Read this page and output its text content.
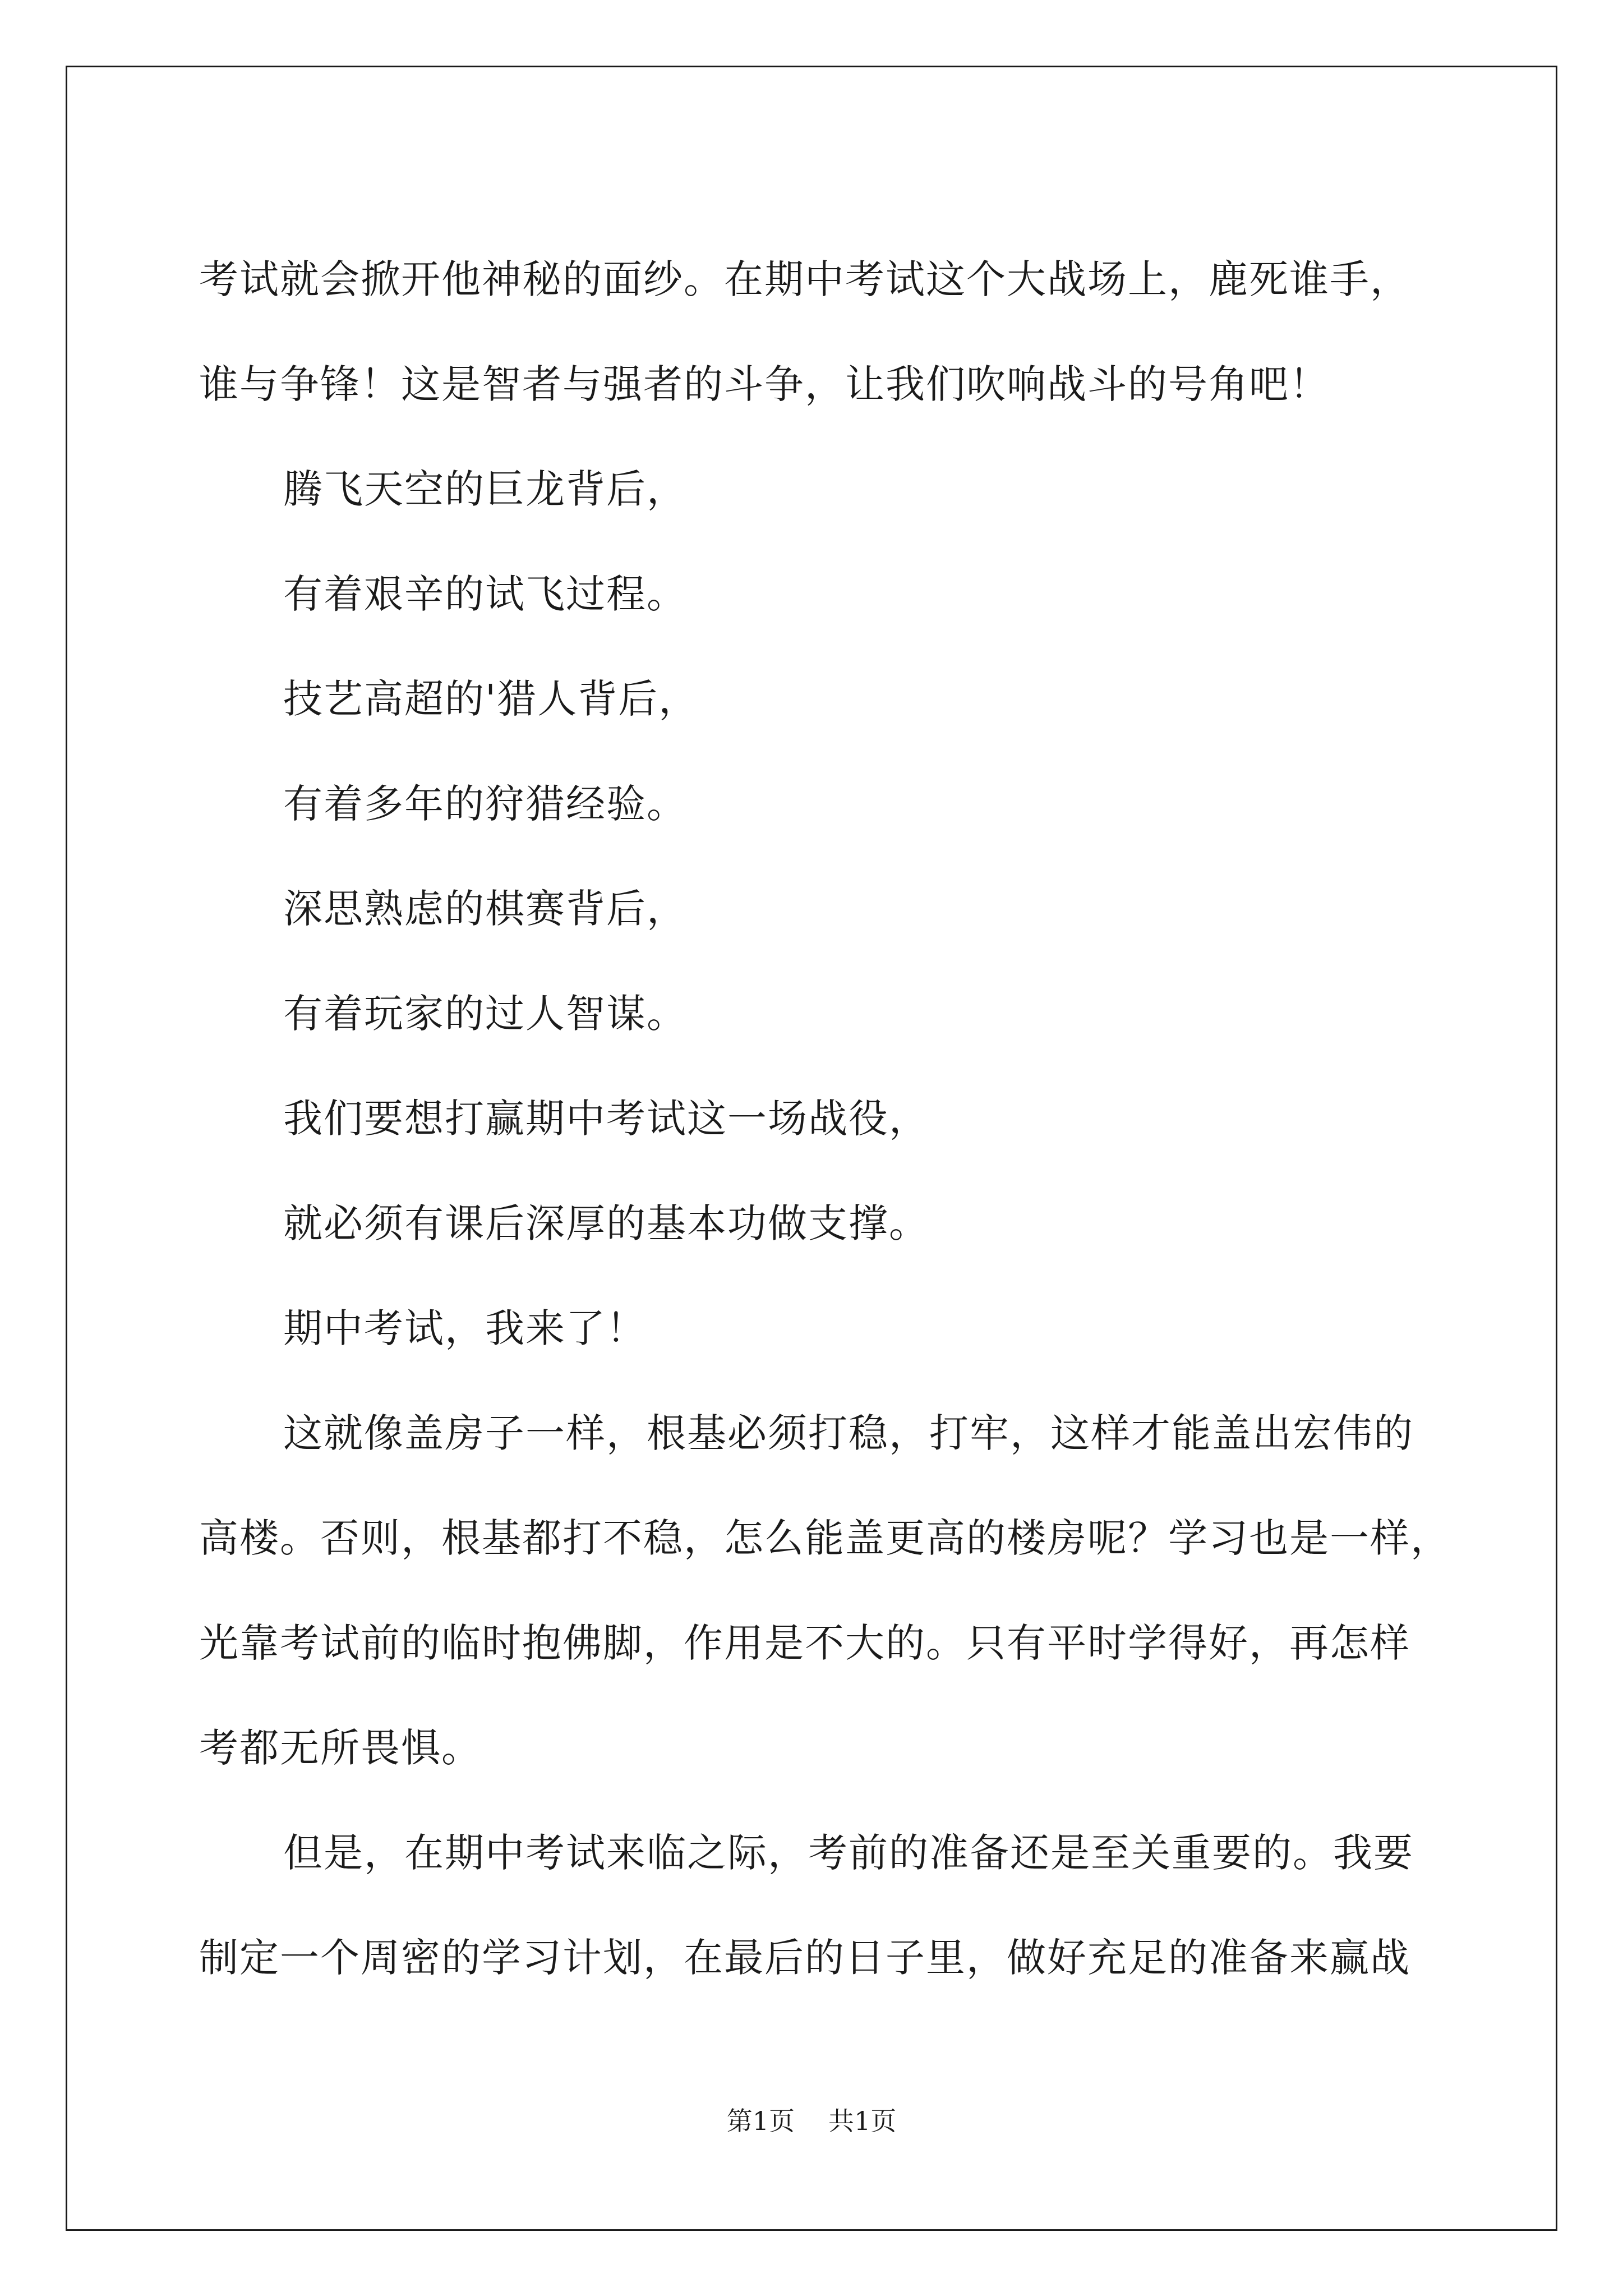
考试就会掀开他神秘的面纱。在期中考试这个大战场上，鹿死谁手，

谁与争锋！这是智者与强者的斗争，让我们吹响战斗的号角吧！

腾飞天空的巨龙背后，

有着艰辛的试飞过程。

技艺高超的'猎人背后，

有着多年的狩猎经验。

深思熟虑的棋赛背后，

有着玩家的过人智谋。

我们要想打赢期中考试这一场战役，

就必须有课后深厚的基本功做支撑。

期中考试，我来了！

这就像盖房子一样，根基必须打稳，打牢，这样才能盖出宏伟的

高楼。否则，根基都打不稳，怎么能盖更高的楼房呢？学习也是一样，

光靠考试前的临时抱佛脚，作用是不大的。只有平时学得好，再怎样

考都无所畏惧。

但是，在期中考试来临之际，考前的准备还是至关重要的。我要

制定一个周密的学习计划，在最后的日子里，做好充足的准备来赢战

第1页 共1页
